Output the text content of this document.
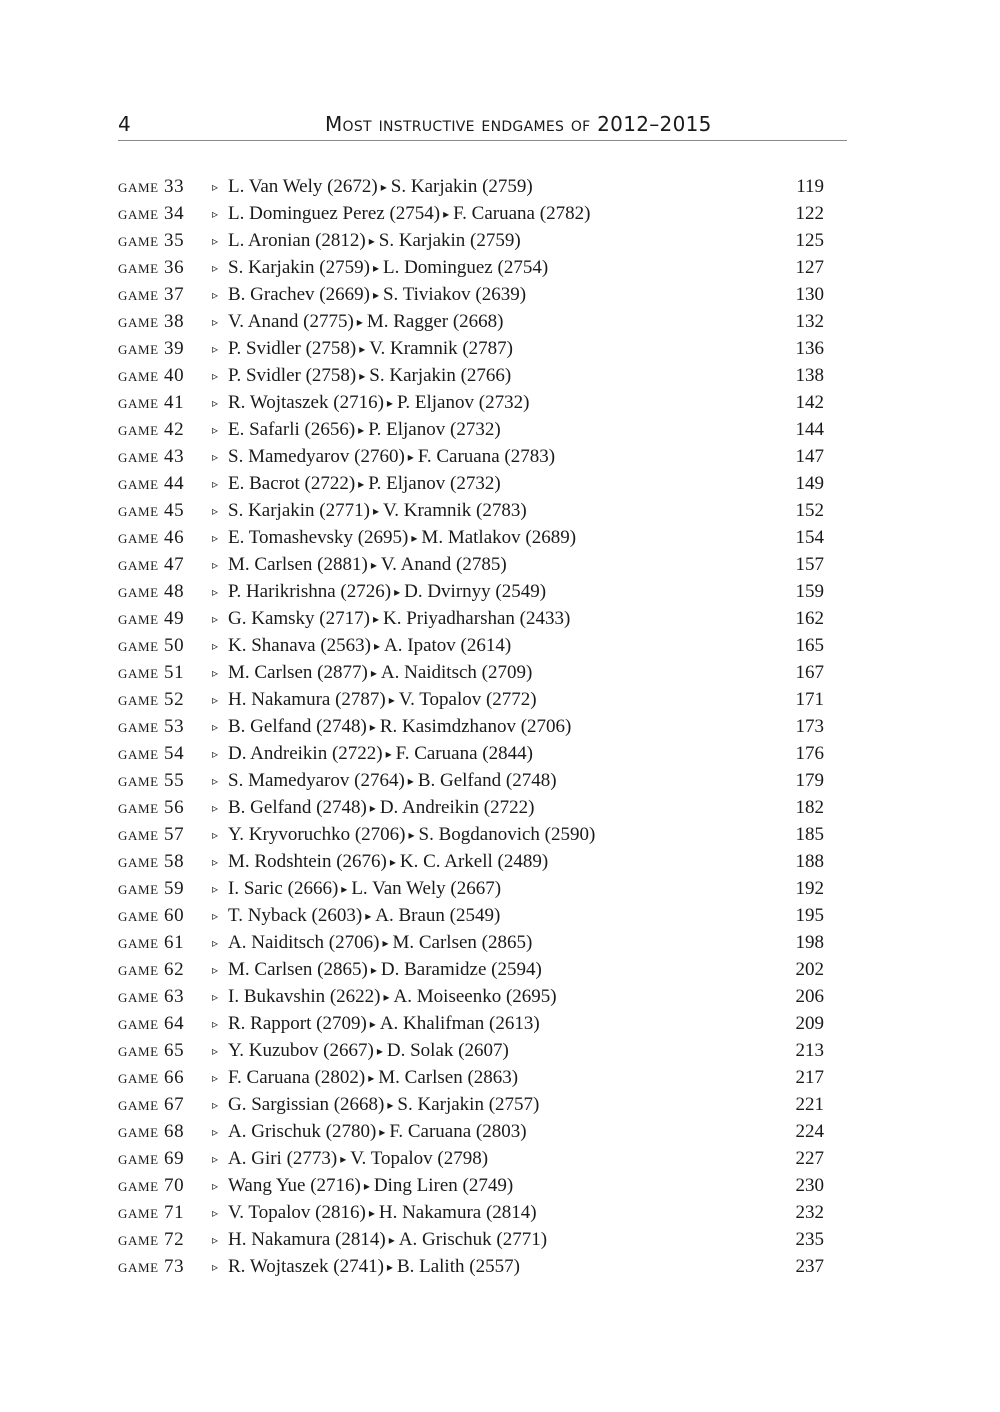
4	Most instructive endgames of 2012–2015
game 33 ▹ L. Van Wely (2672) ▸ S. Karjakin (2759)	119
game 34 ▹ L. Dominguez Perez (2754) ▸ F. Caruana (2782)	122
game 35 ▹ L. Aronian (2812) ▸ S. Karjakin (2759)	125
game 36 ▹ S. Karjakin (2759) ▸ L. Dominguez (2754)	127
game 37 ▹ B. Grachev (2669) ▸ S. Tiviakov (2639)	130
game 38 ▹ V. Anand (2775) ▸ M. Ragger (2668)	132
game 39 ▹ P. Svidler (2758) ▸ V. Kramnik (2787)	136
game 40 ▹ P. Svidler (2758) ▸ S. Karjakin (2766)	138
game 41 ▹ R. Wojtaszek (2716) ▸ P. Eljanov (2732)	142
game 42 ▹ E. Safarli (2656) ▸ P. Eljanov (2732)	144
game 43 ▹ S. Mamedyarov (2760) ▸ F. Caruana (2783)	147
game 44 ▹ E. Bacrot (2722) ▸ P. Eljanov (2732)	149
game 45 ▹ S. Karjakin (2771) ▸ V. Kramnik (2783)	152
game 46 ▹ E. Tomashevsky (2695) ▸ M. Matlakov (2689)	154
game 47 ▹ M. Carlsen (2881) ▸ V. Anand (2785)	157
game 48 ▹ P. Harikrishna (2726) ▸ D. Dvirnyy (2549)	159
game 49 ▹ G. Kamsky (2717) ▸ K. Priyadharshan (2433)	162
game 50 ▹ K. Shanava (2563) ▸ A. Ipatov (2614)	165
game 51 ▹ M. Carlsen (2877) ▸ A. Naiditsch (2709)	167
game 52 ▹ H. Nakamura (2787) ▸ V. Topalov (2772)	171
game 53 ▹ B. Gelfand (2748) ▸ R. Kasimdzhanov (2706)	173
game 54 ▹ D. Andreikin (2722) ▸ F. Caruana (2844)	176
game 55 ▹ S. Mamedyarov (2764) ▸ B. Gelfand (2748)	179
game 56 ▹ B. Gelfand (2748) ▸ D. Andreikin (2722)	182
game 57 ▹ Y. Kryvoruchko (2706) ▸ S. Bogdanovich (2590)	185
game 58 ▹ M. Rodshtein (2676) ▸ K. C. Arkell (2489)	188
game 59 ▹ I. Saric (2666) ▸ L. Van Wely (2667)	192
game 60 ▹ T. Nyback (2603) ▸ A. Braun (2549)	195
game 61 ▹ A. Naiditsch (2706) ▸ M. Carlsen (2865)	198
game 62 ▹ M. Carlsen (2865) ▸ D. Baramidze (2594)	202
game 63 ▹ I. Bukavshin (2622) ▸ A. Moiseenko (2695)	206
game 64 ▹ R. Rapport (2709) ▸ A. Khalifman (2613)	209
game 65 ▹ Y. Kuzubov (2667) ▸ D. Solak (2607)	213
game 66 ▹ F. Caruana (2802) ▸ M. Carlsen (2863)	217
game 67 ▹ G. Sargissian (2668) ▸ S. Karjakin (2757)	221
game 68 ▹ A. Grischuk (2780) ▸ F. Caruana (2803)	224
game 69 ▹ A. Giri (2773) ▸ V. Topalov (2798)	227
game 70 ▹ Wang Yue (2716) ▸ Ding Liren (2749)	230
game 71 ▹ V. Topalov (2816) ▸ H. Nakamura (2814)	232
game 72 ▹ H. Nakamura (2814) ▸ A. Grischuk (2771)	235
game 73 ▹ R. Wojtaszek (2741) ▸ B. Lalith (2557)	237
